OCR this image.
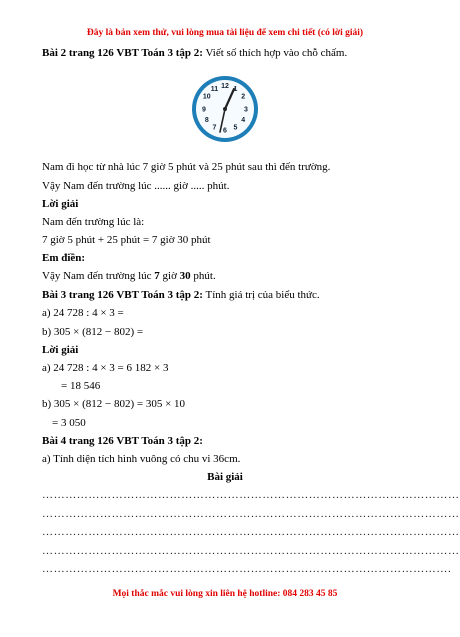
Đây là bản xem thử, vui lòng mua tài liệu để xem chi tiết (có lời giải)
Bài 2 trang 126 VBT Toán 3 tập 2: Viết số thích hợp vào chỗ chấm.
12 1
2
3
4
5
6
7
8
9
10
11
Nam đi học từ nhà lúc 7 giờ 5 phút và 25 phút sau thì đến trường.
Vậy Nam đến trường lúc ...... giờ ..... phút.
Lời giải
Nam đến trường lúc là:
7 giờ 5 phút + 25 phút = 7 giờ 30 phút
Em điền:
Vậy Nam đến trường lúc 7 giờ 30 phút.
Bài 3 trang 126 VBT Toán 3 tập 2: Tính giá trị của biểu thức.
a) 24 728 : 4 × 3 =
b) 305 × (812 − 802) =
Lời giải
a) 24 728 : 4 × 3 = 6 182 × 3
= 18 546
b) 305 × (812 − 802) = 305 × 10
= 3 050
Bài 4 trang 126 VBT Toán 3 tập 2:
a) Tính diện tích hình vuông có chu vi 36cm.
Bài giải
………………………………………………………………………………………………
………………………………………………………………………………………………
………………………………………………………………………………………………
………………………………………………………………………………………………
…………………………………………………………………………………………….
Mọi thắc mắc vui lòng xin liên hệ hotline: 084 283 45 85
